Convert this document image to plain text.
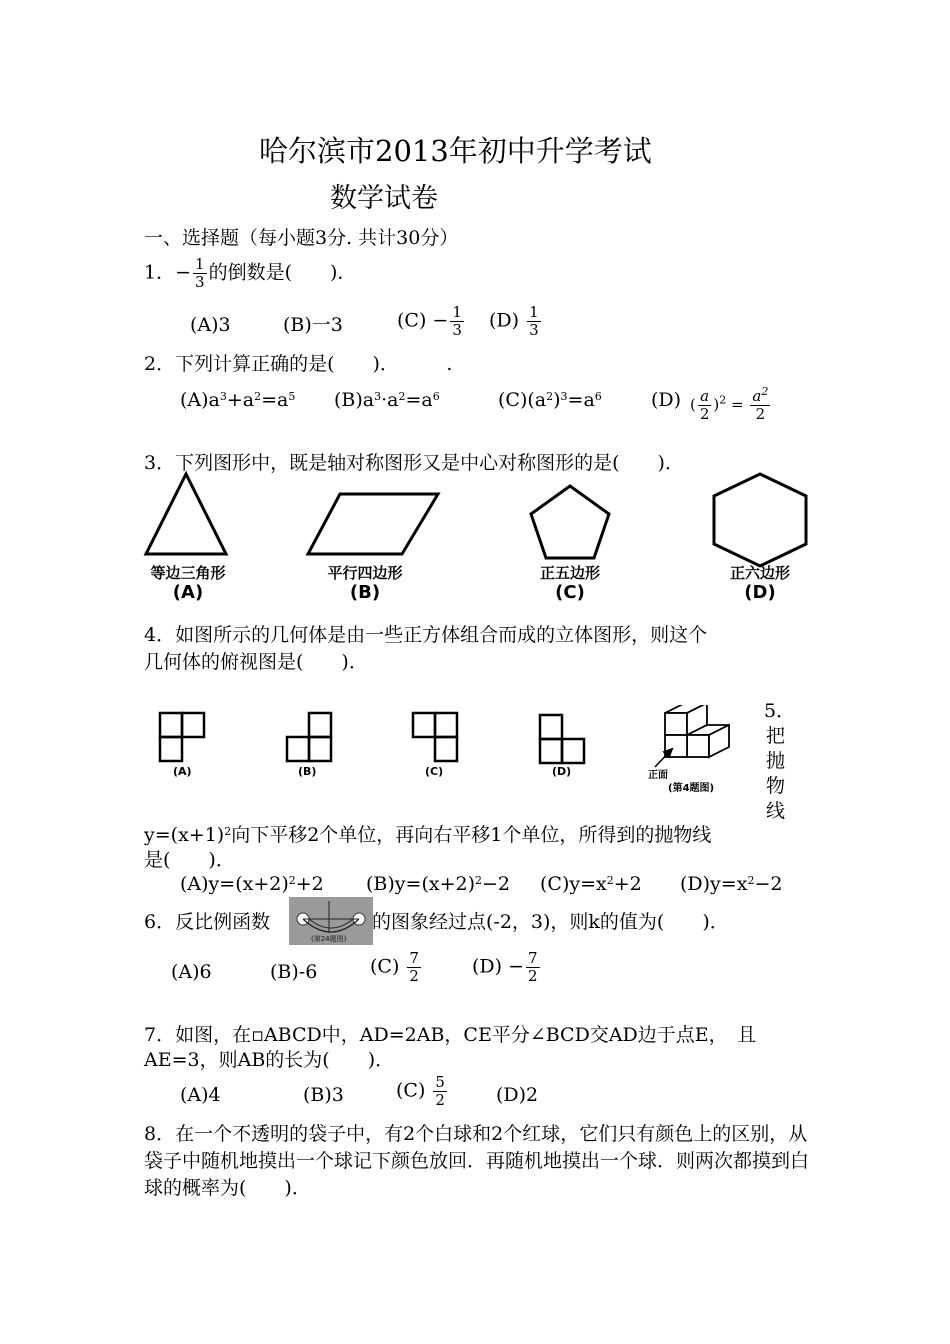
哈尔滨市2013年初中升学考试
数学试卷
一、选择题（每小题3分. 共计30分）
1．− $\frac{1}{3}$ 的倒数是(　　)．
(A)3	(B)一3	$(C) - \frac{1}{3} (D) \frac{1}{3}$
2．下列计算正确的是(　　)．　　　.
$(A)a^3+a^2=a^5$ $(B)a^3\cdot a^2=a^6$	$(C)(a^2)^3=a^6$	(D) ( $\frac{a}{2} )^2 = \frac{a^2}{2}$
3．下列图形中，既是轴对称图形又是中心对称图形的是(　　)．
等边三角形
(A)
平行四边形
(B)
正五边形
(C)
正六边形
(D)
4．如图所示的几何体是由一些正方体组合而成的立体图形，则这个
几何体的俯视图是(　　)．
(A)	(B)	(C)	(D)	正面
(第4题图)
5．
把
抛
物
线
$y=(x+1)^2$向下平移2个单位，再向右平移1个单位，所得到的抛物线
是(　　)．
$(A)y=(x+2)^2+2$ $(B)y=(x+2)^2-2$ $(C)y=x^2+2$ $(D)y=x^2-2$
6．反比例函数
(第24题图)
的图象经过点(-2，3)，则k的值为(　　)．
(A)6	(B)-6	$(C) \frac{7}{2}$	$(D) - \frac{7}{2}$
7．如图，在▫ABCD中，AD=2AB，CE平分∠BCD交AD边于点E，　且
AE=3，则AB的长为(　　)．
(A)4	(B)3	$(C) \frac{5}{2}$	(D)2
8．在一个不透明的袋子中，有2个白球和2个红球，它们只有颜色上的区别，从袋子中随机地摸出一个球记下颜色放回．再随机地摸出一个球．则两次都摸到白球的概率为(　　)．
